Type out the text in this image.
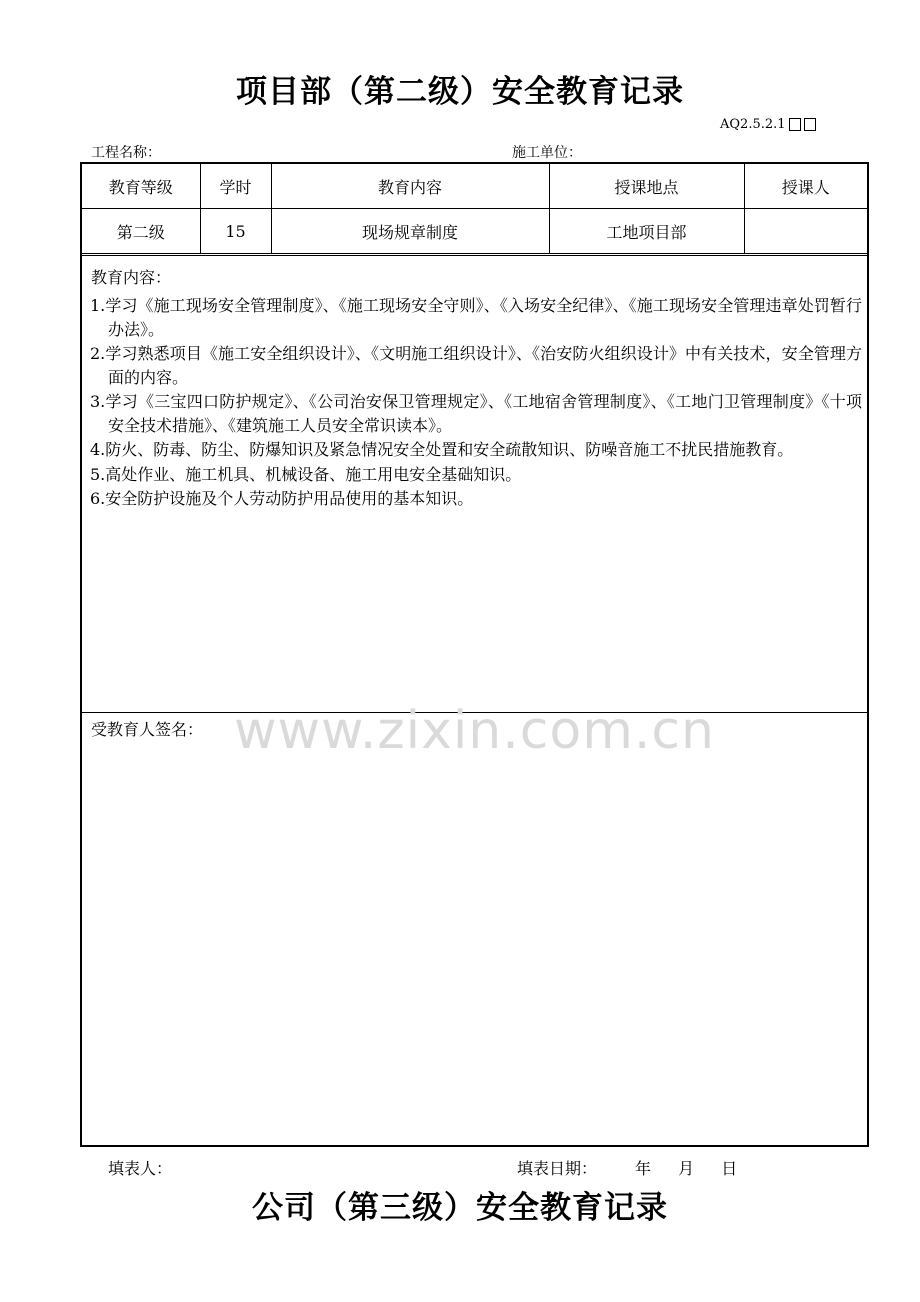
项目部（第二级）安全教育记录
AQ2.5.2.1
工程名称：	施工单位：
教育等级	学时	教育内容	授课地点	授课人
第二级	15	现场规章制度	工地项目部	
教育内容：
1.学习《施工现场安全管理制度》、《施工现场安全守则》、《入场安全纪律》、《施工现场安全管理违章处罚暂行办法》。
2.学习熟悉项目《施工安全组织设计》、《文明施工组织设计》、《治安防火组织设计》中有关技术，安全管理方面的内容。
3.学习《三宝四口防护规定》、《公司治安保卫管理规定》、《工地宿舍管理制度》、《工地门卫管理制度》《十项安全技术措施》、《建筑施工人员安全常识读本》。
4.防火、防毒、防尘、防爆知识及紧急情况安全处置和安全疏散知识、防噪音施工不扰民措施教育。
5.高处作业、施工机具、机械设备、施工用电安全基础知识。
6.安全防护设施及个人劳动防护用品使用的基本知识。
www.zixin.com.cn
受教育人签名：
填表人：	填表日期： 年 月 日
公司（第三级）安全教育记录
